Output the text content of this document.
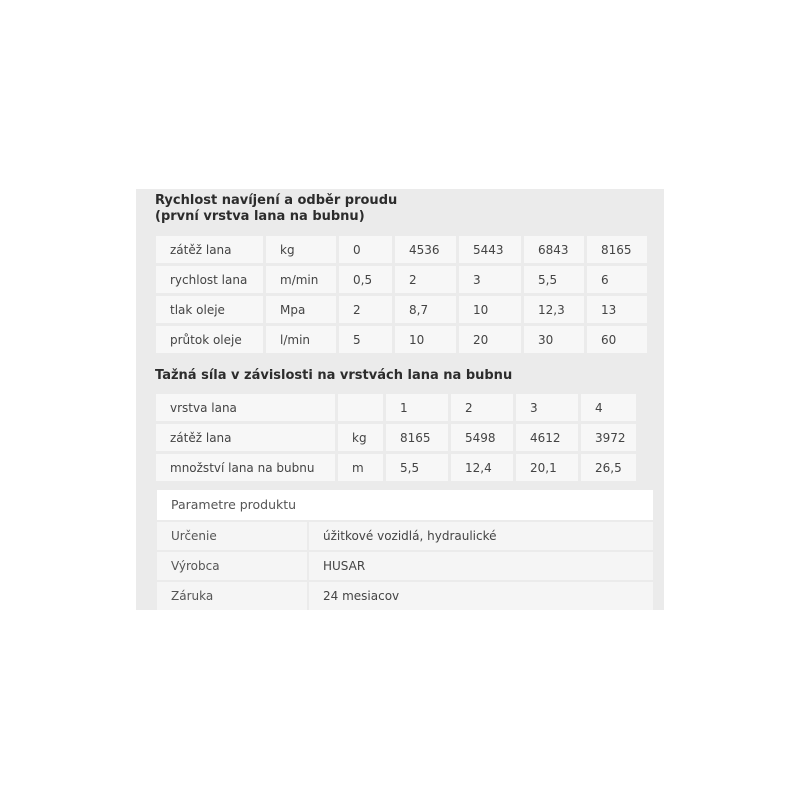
Rychlost navíjení a odběr proudu
(první vrstva lana na bubnu)
zátěž lana	kg	0	4536	5443	6843	8165
rychlost lana	m/min	0,5	2	3	5,5	6
tlak oleje	Mpa	2	8,7	10	12,3	13
průtok oleje	l/min	5	10	20	30	60
Tažná síla v závislosti na vrstvách lana na bubnu
vrstva lana		1	2	3	4
zátěž lana	kg	8165	5498	4612	3972
množství lana na bubnu	m	5,5	12,4	20,1	26,5
Parametre produktu
Určenie	úžitkové vozidlá, hydraulické
Výrobca	HUSAR
Záruka	24 mesiacov
